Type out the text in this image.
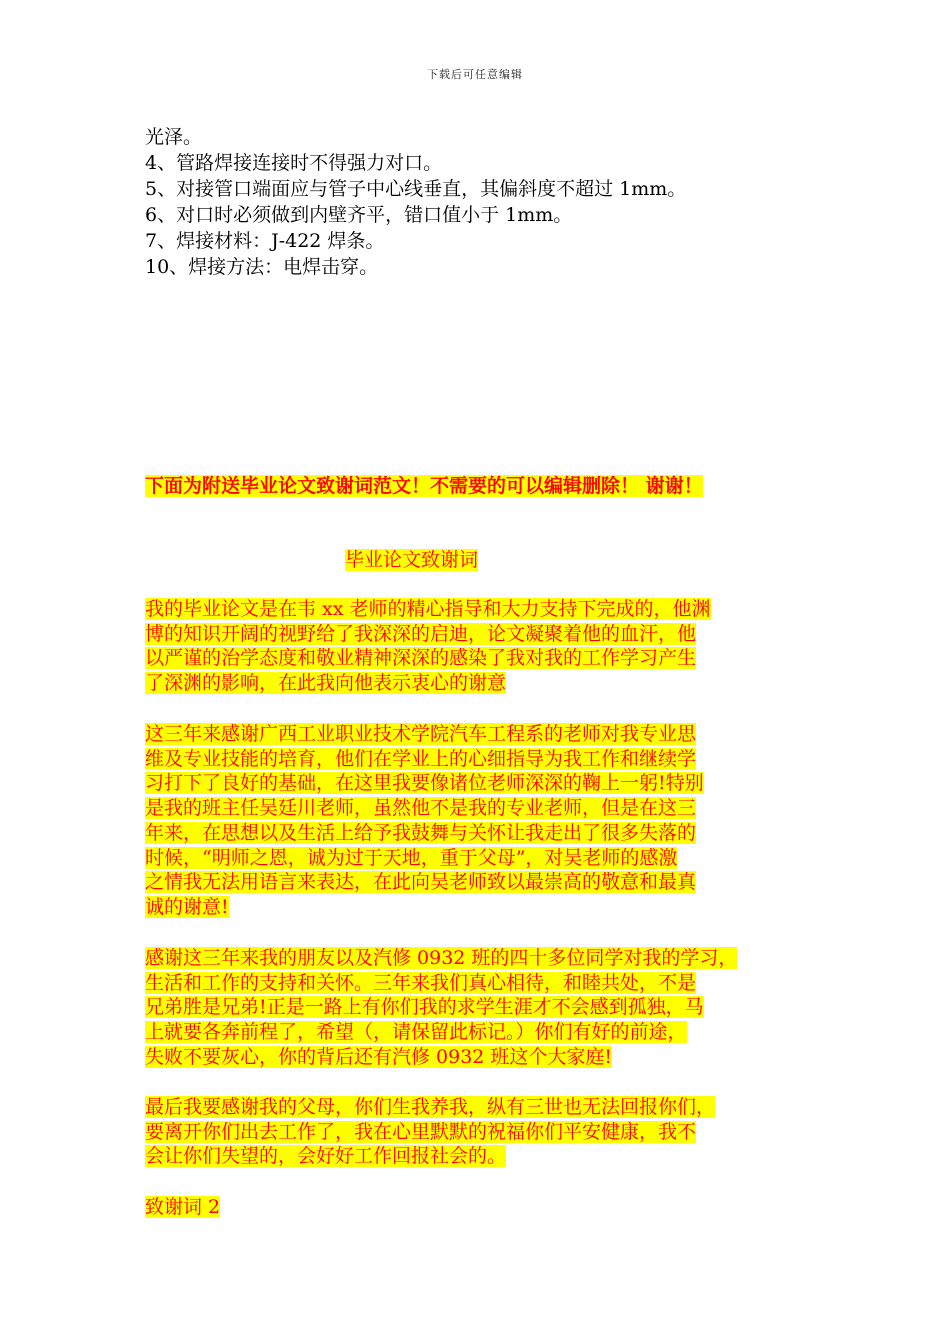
下载后可任意编辑
光泽。
4、管路焊接连接时不得强力对口。
5、对接管口端面应与管子中心线垂直，其偏斜度不超过 1mm。
6、对口时必须做到内壁齐平，错口值小于 1mm。
7、焊接材料：J-422 焊条。
10、焊接方法：电焊击穿。

下面为附送毕业论文致谢词范文！不需要的可以编辑删除！ 谢谢！

毕业论文致谢词

我的毕业论文是在韦 xx 老师的精心指导和大力支持下完成的，他渊
博的知识开阔的视野给了我深深的启迪，论文凝聚着他的血汗，他
以严谨的治学态度和敬业精神深深的感染了我对我的工作学习产生
了深渊的影响，在此我向他表示衷心的谢意
这三年来感谢广西工业职业技术学院汽车工程系的老师对我专业思
维及专业技能的培育，他们在学业上的心细指导为我工作和继续学
习打下了良好的基础，在这里我要像诸位老师深深的鞠上一躬!特别
是我的班主任吴廷川老师，虽然他不是我的专业老师，但是在这三
年来，在思想以及生活上给予我鼓舞与关怀让我走出了很多失落的
时候，“明师之恩，诚为过于天地，重于父母”，对吴老师的感激
之情我无法用语言来表达，在此向吴老师致以最崇高的敬意和最真
诚的谢意!
感谢这三年来我的朋友以及汽修 0932 班的四十多位同学对我的学习，
生活和工作的支持和关怀。三年来我们真心相待，和睦共处，不是
兄弟胜是兄弟!正是一路上有你们我的求学生涯才不会感到孤独，马
上就要各奔前程了，希望（，请保留此标记。）你们有好的前途，
失败不要灰心，你的背后还有汽修 0932 班这个大家庭!
最后我要感谢我的父母，你们生我养我，纵有三世也无法回报你们，
要离开你们出去工作了，我在心里默默的祝福你们平安健康，我不
会让你们失望的，会好好工作回报社会的。
致谢词 2
